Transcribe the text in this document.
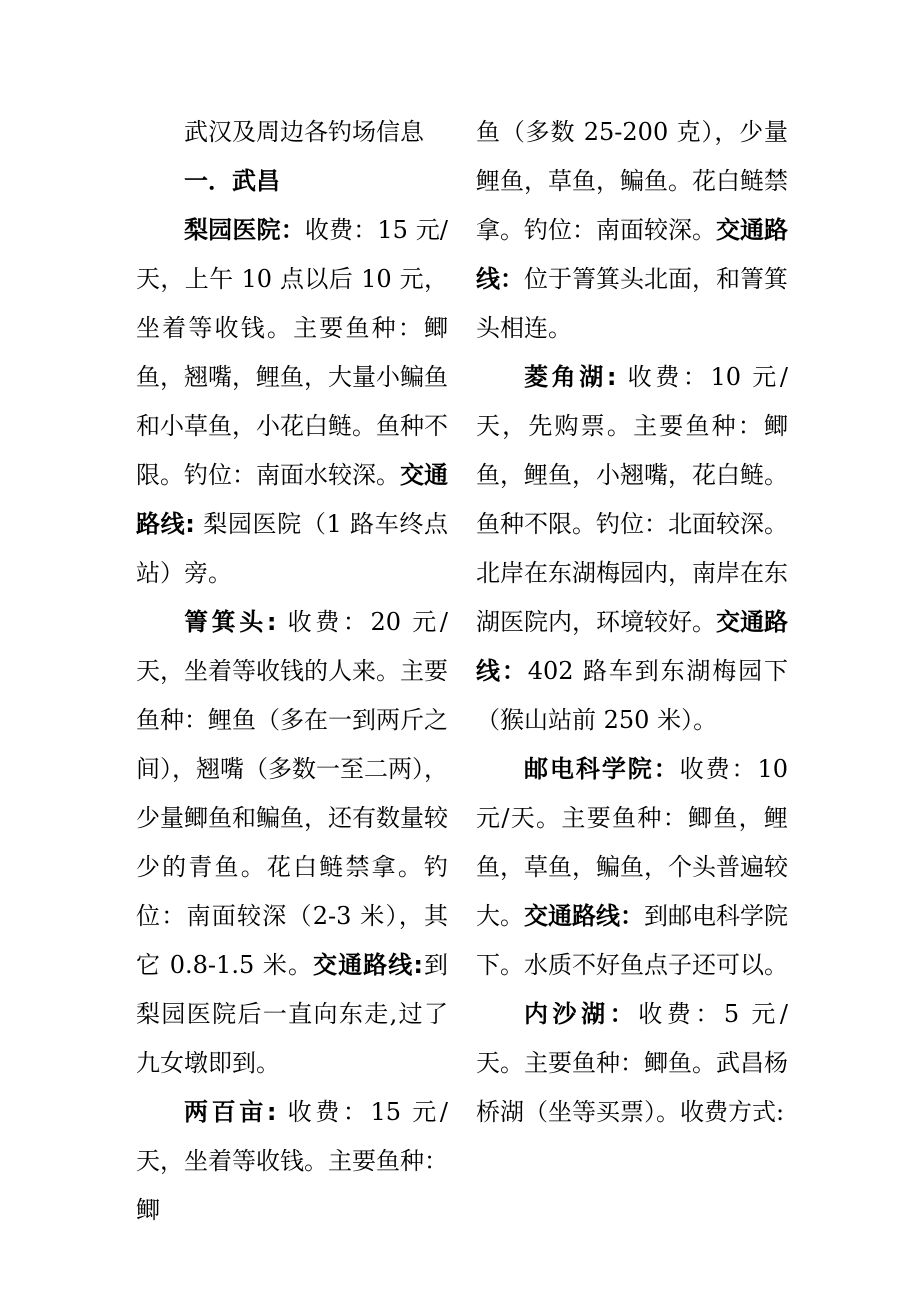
武汉及周边各钓场信息

一．武昌

梨园医院：收费：15 元/天，上午 10 点以后 10 元，坐着等收钱。主要鱼种：鲫鱼，翘嘴，鲤鱼，大量小鳊鱼和小草鱼，小花白鲢。鱼种不限。钓位：南面水较深。交通路线: 梨园医院（1 路车终点站）旁。

箐箕头: 收费：20 元/天，坐着等收钱的人来。主要鱼种：鲤鱼（多在一到两斤之间），翘嘴（多数一至二两），少量鲫鱼和鳊鱼，还有数量较少的青鱼。花白鲢禁拿。钓位：南面较深（2-3 米），其它 0.8-1.5 米。交通路线:到梨园医院后一直向东走,过了九女墩即到。

两百亩: 收费：15 元/天，坐着等收钱。主要鱼种：鲫

鱼（多数 25-200 克），少量鲤鱼，草鱼，鳊鱼。花白鲢禁拿。钓位：南面较深。交通路线：位于箐箕头北面，和箐箕头相连。

菱角湖: 收费：10 元/天，先购票。主要鱼种：鲫鱼，鲤鱼，小翘嘴，花白鲢。鱼种不限。钓位：北面较深。北岸在东湖梅园内，南岸在东湖医院内，环境较好。交通路线：402 路车到东湖梅园下（猴山站前 250 米）。

邮电科学院：收费：10 元/天。主要鱼种：鲫鱼，鲤鱼，草鱼，鳊鱼，个头普遍较大。交通路线：到邮电科学院下。水质不好鱼点子还可以。

内沙湖：收费：5 元/天。主要鱼种：鲫鱼。武昌杨桥湖（坐等买票）。收费方式:
